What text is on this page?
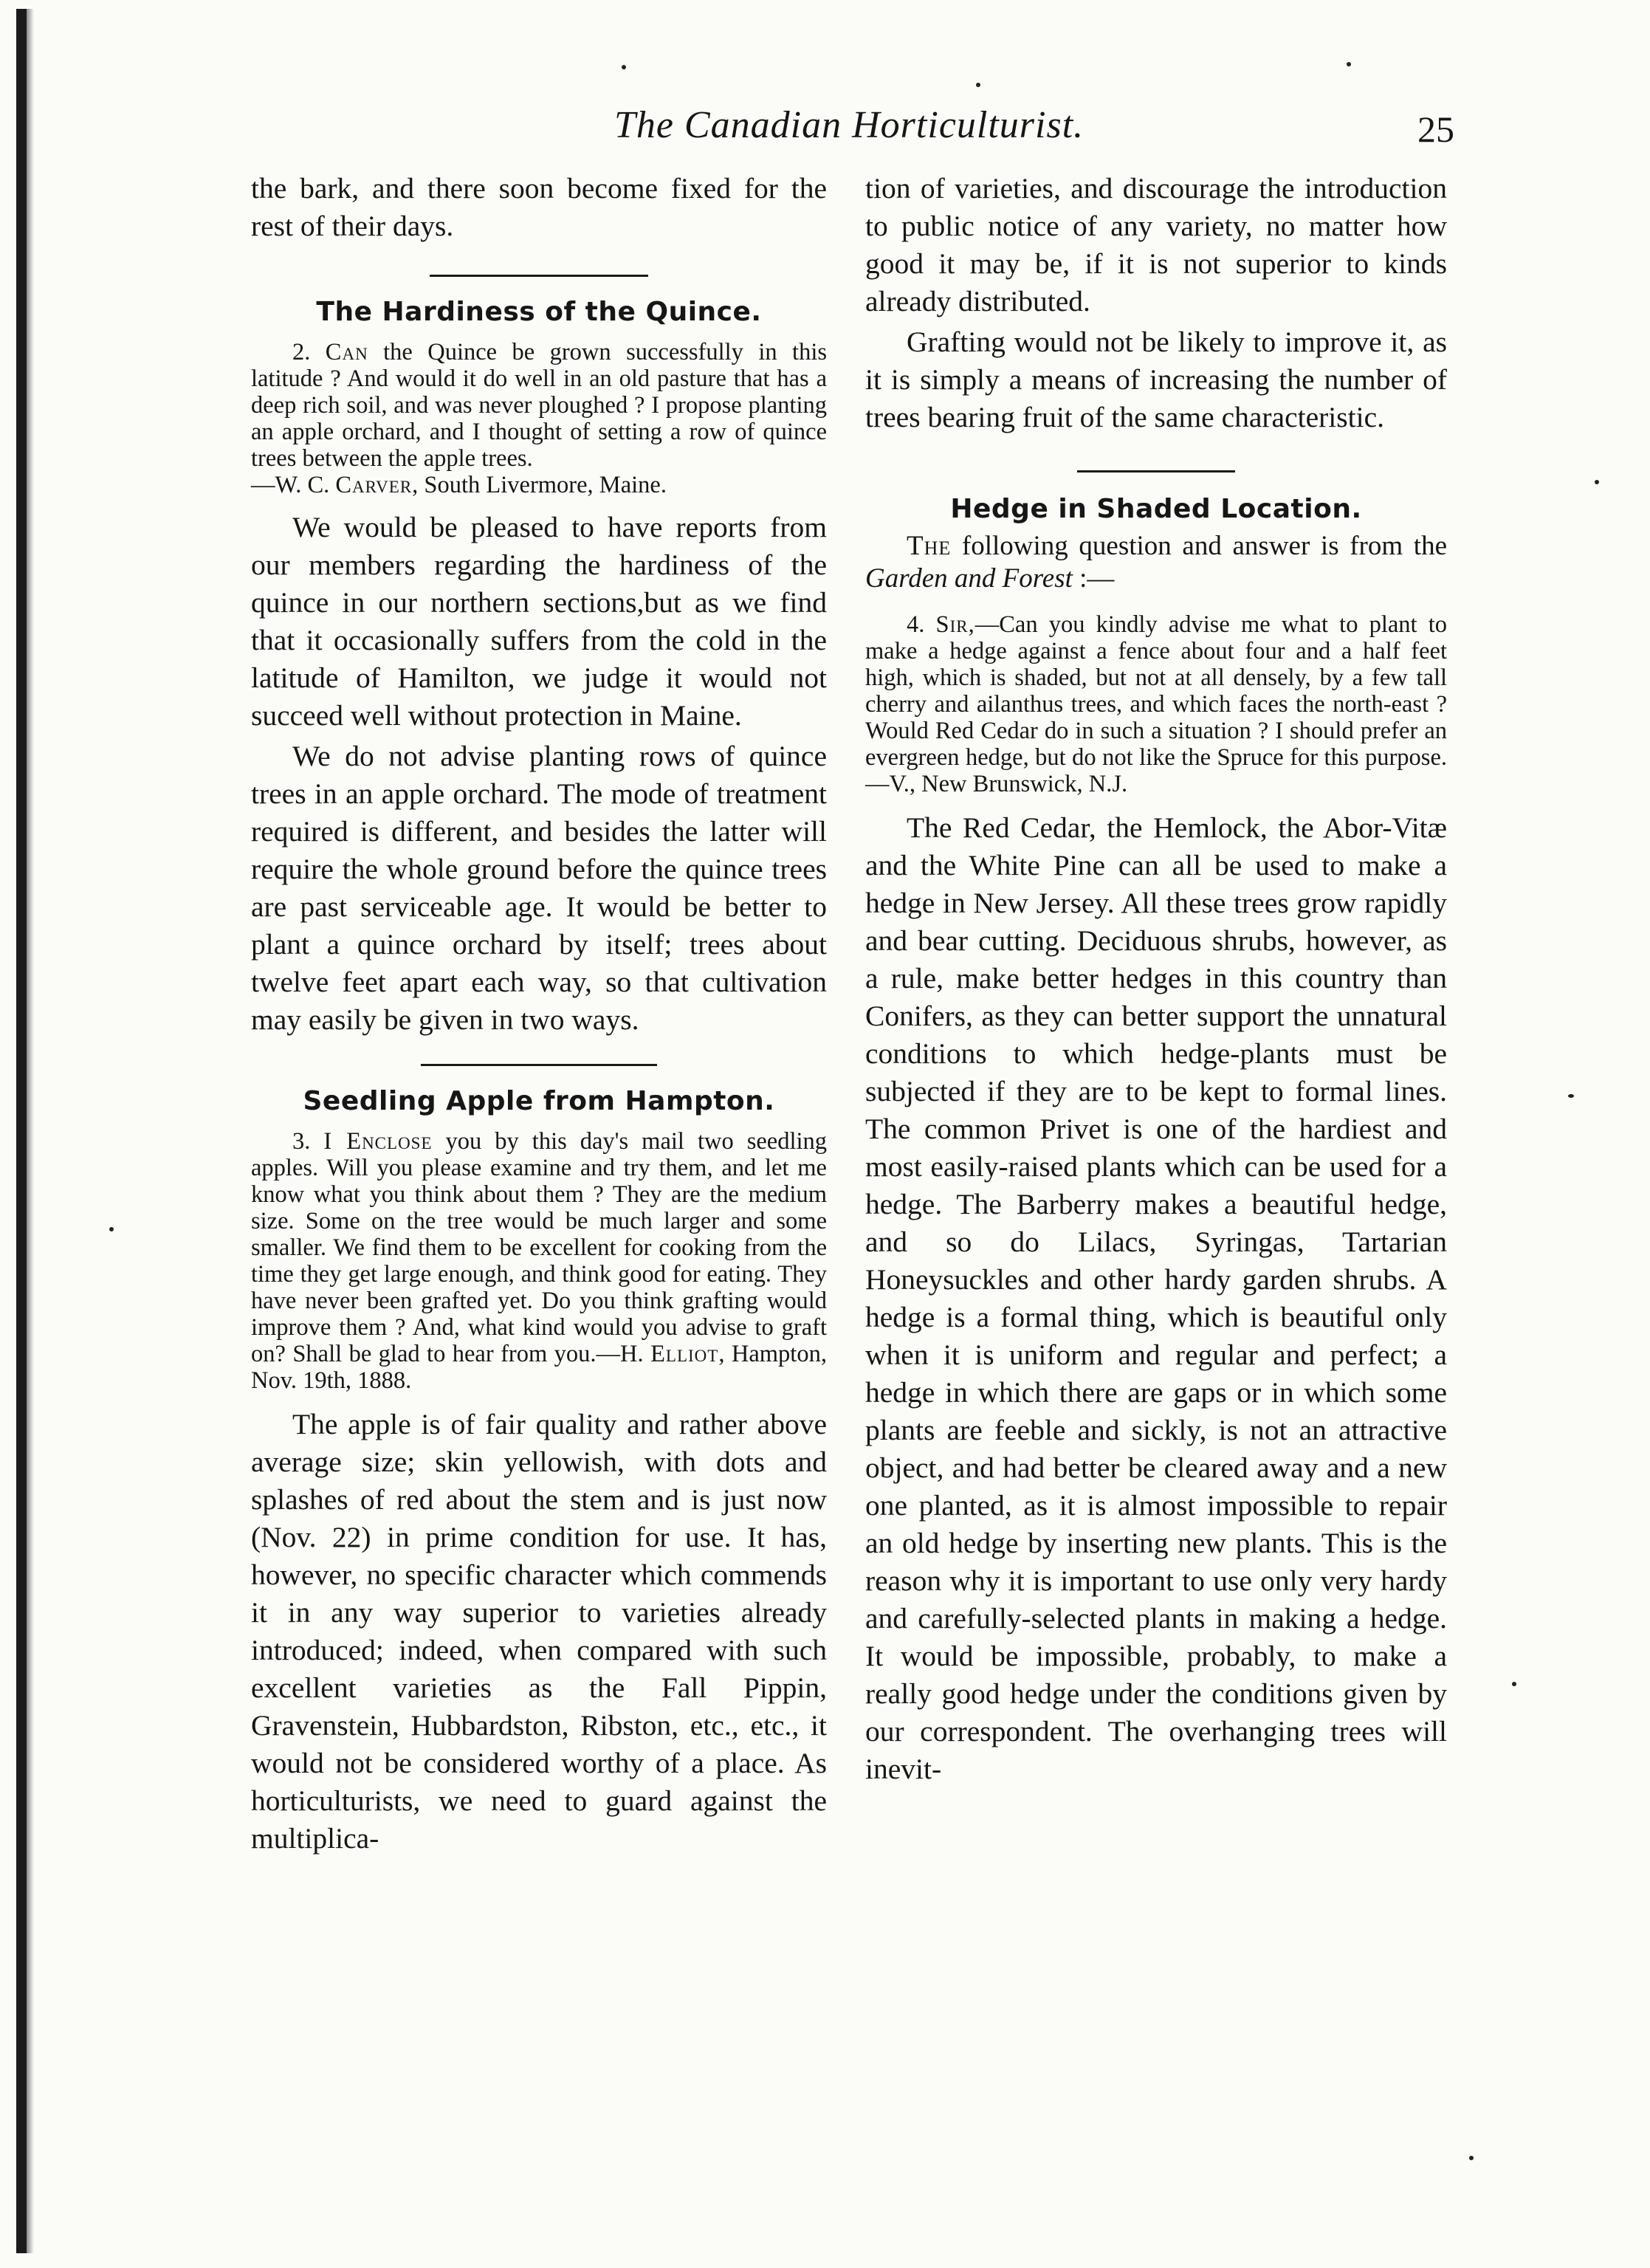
The Canadian Horticulturist.	25

the bark, and there soon become fixed for the rest of their days.

The Hardiness of the Quince.

2. Can the Quince be grown successfully in this latitude ? And would it do well in an old pasture that has a deep rich soil, and was never ploughed ? I propose planting an apple orchard, and I thought of setting a row of quince trees between the apple trees.
—W. C. Carver, South Livermore, Maine.

We would be pleased to have reports from our members regarding the hardiness of the quince in our northern sections,but as we find that it occasionally suffers from the cold in the latitude of Hamilton, we judge it would not succeed well without protection in Maine.

We do not advise planting rows of quince trees in an apple orchard. The mode of treatment required is different, and besides the latter will require the whole ground before the quince trees are past serviceable age. It would be better to plant a quince orchard by itself; trees about twelve feet apart each way, so that cultivation may easily be given in two ways.

Seedling Apple from Hampton.

3. I Enclose you by this day's mail two seedling apples. Will you please examine and try them, and let me know what you think about them ? They are the medium size. Some on the tree would be much larger and some smaller. We find them to be excellent for cooking from the time they get large enough, and think good for eating. They have never been grafted yet. Do you think grafting would improve them ? And, what kind would you advise to graft on? Shall be glad to hear from you.—H. Elliot, Hampton, Nov. 19th, 1888.

The apple is of fair quality and rather above average size; skin yellowish, with dots and splashes of red about the stem and is just now (Nov. 22) in prime condition for use. It has, however, no specific character which commends it in any way superior to varieties already introduced; indeed, when compared with such excellent varieties as the Fall Pippin, Gravenstein, Hubbardston, Ribston, etc., etc., it would not be considered worthy of a place. As horticulturists, we need to guard against the multiplica-

tion of varieties, and discourage the introduction to public notice of any variety, no matter how good it may be, if it is not superior to kinds already distributed.

Grafting would not be likely to improve it, as it is simply a means of increasing the number of trees bearing fruit of the same characteristic.

Hedge in Shaded Location.

The following question and answer is from the Garden and Forest :—

4. Sir,—Can you kindly advise me what to plant to make a hedge against a fence about four and a half feet high, which is shaded, but not at all densely, by a few tall cherry and ailanthus trees, and which faces the north-east ? Would Red Cedar do in such a situation ? I should prefer an evergreen hedge, but do not like the Spruce for this purpose.—V., New Brunswick, N.J.

The Red Cedar, the Hemlock, the Abor-Vitæ and the White Pine can all be used to make a hedge in New Jersey. All these trees grow rapidly and bear cutting. Deciduous shrubs, however, as a rule, make better hedges in this country than Conifers, as they can better support the unnatural conditions to which hedge-plants must be subjected if they are to be kept to formal lines. The common Privet is one of the hardiest and most easily-raised plants which can be used for a hedge. The Barberry makes a beautiful hedge, and so do Lilacs, Syringas, Tartarian Honeysuckles and other hardy garden shrubs. A hedge is a formal thing, which is beautiful only when it is uniform and regular and perfect; a hedge in which there are gaps or in which some plants are feeble and sickly, is not an attractive object, and had better be cleared away and a new one planted, as it is almost impossible to repair an old hedge by inserting new plants. This is the reason why it is important to use only very hardy and carefully-selected plants in making a hedge. It would be impossible, probably, to make a really good hedge under the conditions given by our correspondent. The overhanging trees will inevit-
